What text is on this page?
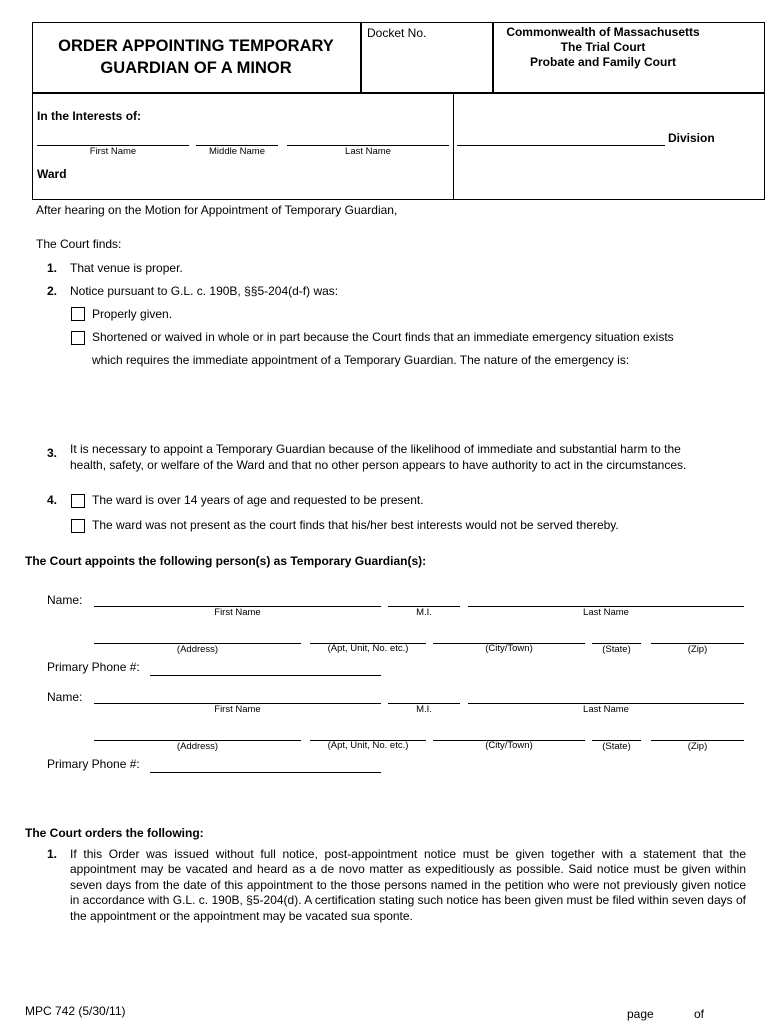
ORDER APPOINTING TEMPORARY
GUARDIAN OF A MINOR
Docket No.	Commonwealth of Massachusetts
The Trial Court
Probate and Family Court
In the Interests of:
First Name	Middle Name	Last Name
Ward
Division
After hearing on the Motion for Appointment of Temporary Guardian,
The Court finds:
1. That venue is proper.
2. Notice pursuant to G.L. c. 190B, §§5-204(d-f) was:
Properly given.
Shortened or waived in whole or in part because the Court finds that an immediate emergency situation exists
which requires the immediate appointment of a Temporary Guardian. The nature of the emergency is:
3. It is necessary to appoint a Temporary Guardian because of the likelihood of immediate and substantial harm to the
health, safety, or welfare of the Ward and that no other person appears to have authority to act in the circumstances.
4.	The ward is over 14 years of age and requested to be present.
The ward was not present as the court finds that his/her best interests would not be served thereby.
The Court appoints the following person(s) as Temporary Guardian(s):
Name:
First Name	M.I.	Last Name
(Address)	(Apt, Unit, No. etc.)	(City/Town)	(State)	(Zip)
Primary Phone #:
Name:
First Name	M.I.	Last Name
(Address)	(Apt, Unit, No. etc.)	(City/Town)	(State)	(Zip)
Primary Phone #:
The Court orders the following:
1. If this Order was issued without full notice, post-appointment notice must be given together with a statement that the appointment may be vacated and heard as a de novo matter as expeditiously as possible. Said notice must be given within seven days from the date of this appointment to the those persons named in the petition who were not previously given notice in accordance with G.L. c. 190B, §5-204(d). A certification stating such notice has been given must be filed within seven days of the appointment or the appointment may be vacated sua sponte.
MPC 742 (5/30/11)	page	of
